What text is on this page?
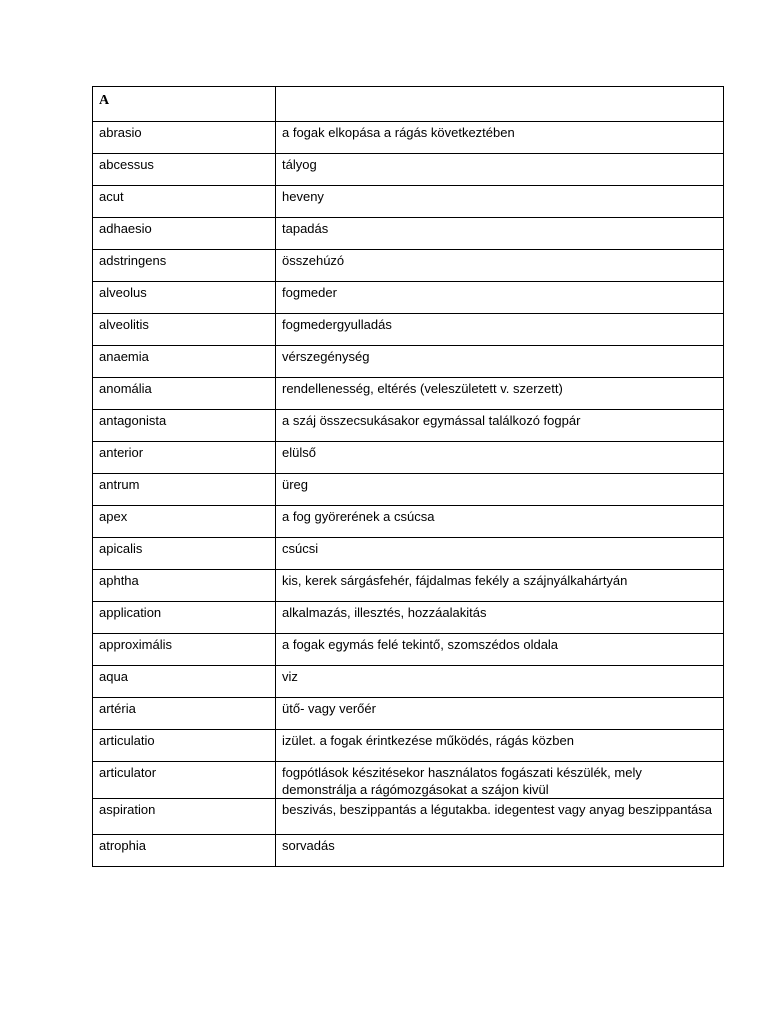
A	
abrasio	a fogak elkopása a rágás következtében
abcessus	tályog
acut	heveny
adhaesio	tapadás
adstringens	összehúzó
alveolus	fogmeder
alveolitis	fogmedergyulladás
anaemia	vérszegénység
anomália	rendellenesség, eltérés (veleszületett v. szerzett)
antagonista	a száj összecsukásakor egymással találkozó fogpár
anterior	elülső
antrum	üreg
apex	a fog györerének a csúcsa
apicalis	csúcsi
aphtha	kis, kerek sárgásfehér, fájdalmas fekély a szájnyálkahártyán
application	alkalmazás, illesztés, hozzáalakitás
approximális	a fogak egymás felé tekintő, szomszédos oldala
aqua	viz
artéria	ütő- vagy verőér
articulatio	izület. a fogak érintkezése működés, rágás közben
articulator	fogpótlások készitésekor használatos fogászati készülék, mely demonstrálja a rágómozgásokat a szájon kivül
aspiration	beszivás, beszippantás a légutakba. idegentest vagy anyag beszippantása
atrophia	sorvadás
